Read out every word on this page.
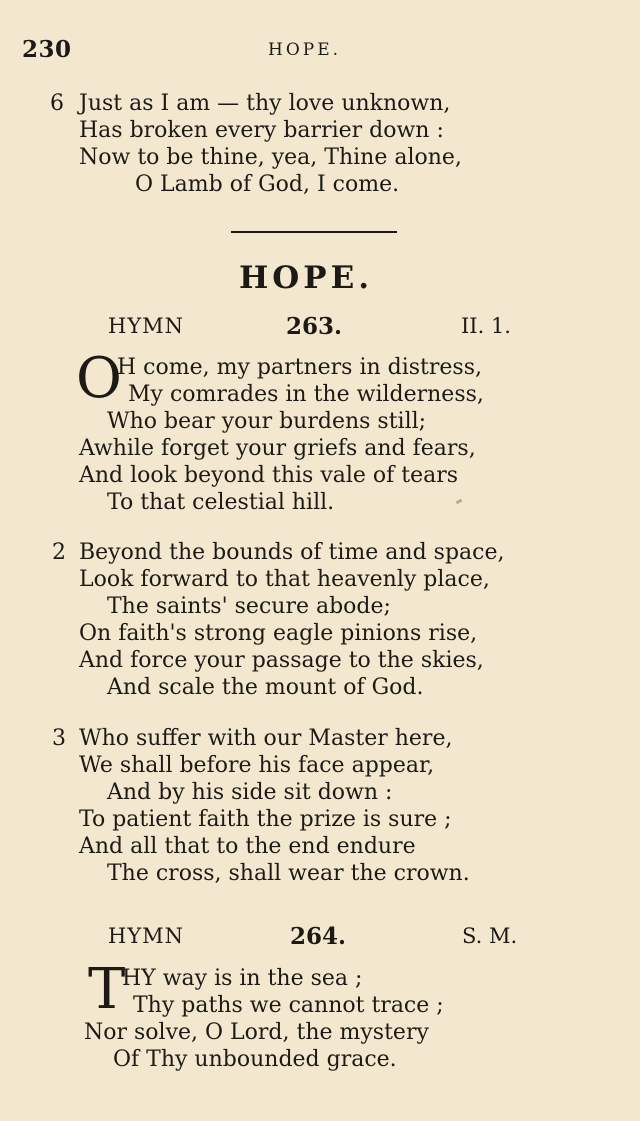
230	HOPE.
6 Just as I am — thy love unknown,
Has broken every barrier down :
Now to be thine, yea, Thine alone,
O Lamb of God, I come.
HOPE.
HYMN	263.	II. 1.
O
H come, my partners in distress,
My comrades in the wilderness,
Who bear your burdens still;
Awhile forget your griefs and fears,
And look beyond this vale of tears
To that celestial hill.
2 Beyond the bounds of time and space,
Look forward to that heavenly place,
The saints' secure abode;
On faith's strong eagle pinions rise,
And force your passage to the skies,
And scale the mount of God.
3 Who suffer with our Master here,
We shall before his face appear,
And by his side sit down :
To patient faith the prize is sure ;
And all that to the end endure
The cross, shall wear the crown.
HYMN	264.	S. M.
T
HY way is in the sea ;
Thy paths we cannot trace ;
Nor solve, O Lord, the mystery
Of Thy unbounded grace.
